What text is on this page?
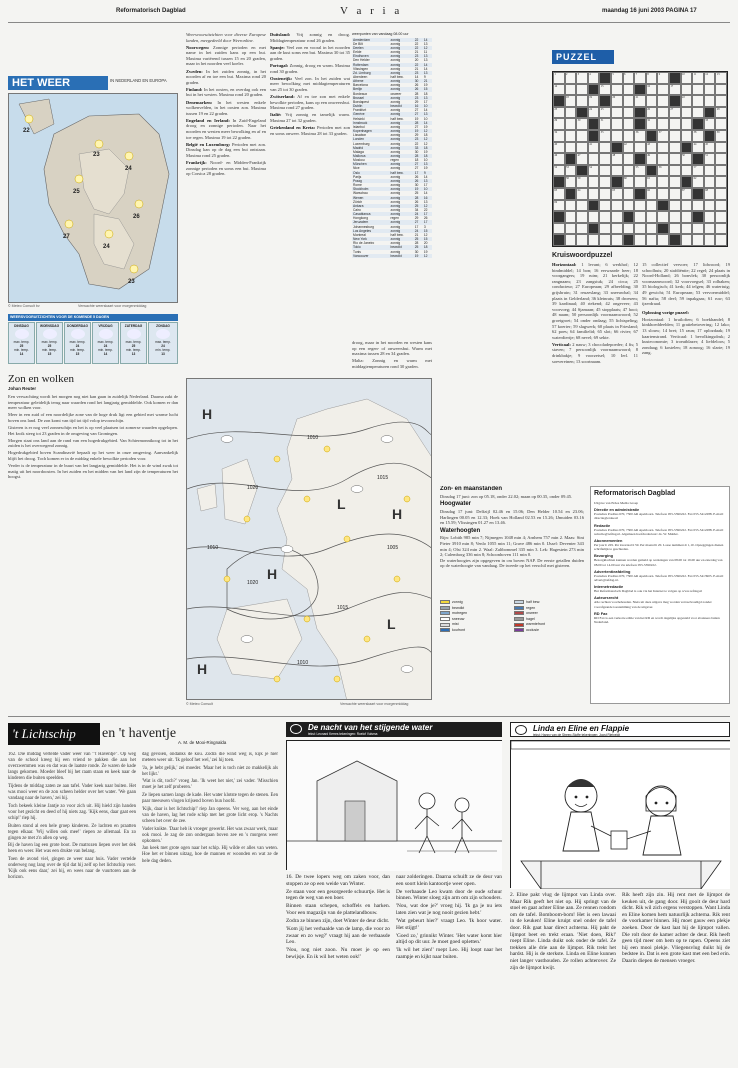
Reformatorisch Dagblad	V a r i a	maandag 16 juni 2003 PAGINA 17
HET WEER	IN NEDERLAND EN EUROPA
23
24
25
26
27
24
23
22
© Meteo Consult bv	Verwachte weerskaart voor morgenmiddag
WEERSVOORUITZICHTEN VOOR DE KOMENDE 5 DAGEN
DINSDAG
max. temp.
25
min. temp.
14
WOENSDAG
max. temp.
25
min. temp.
15
DONDERDAG
max. temp.
24
min. temp.
15
VRIJDAG
max. temp.
24
min. temp.
14
ZATERDAG
max. temp.
25
min. temp.
13
ZONDAG
max. temp.
24
min. temp.
13
Zon en wolken
Johan Reuter

Een verwachting wordt het morgen nog niet kan gaan in zuidelijk Nederland. Daarna zakt de temperatuur geleidelijk terug naar waarden rond het langjarig gemiddelde. Ook komen er dan meer wolken voor.

Meer in een zuid of een noordelijke zone van de hoge druk ligt een gebied met warme lucht boven ons land. De zon komt van tijd tot tijd volop tevoorschijn.

Gisteren is er nog veel zonneschijn en het is op veel plaatsen tot zomerse waarden opgelopen. Het kwik steeg tot 23 graden in de omgeving van Groningen.

Morgen staat ons land aan de rand van een hogedrukgebied. Van Schiermonnikoog tot in het zuiden is het overwegend zonnig.

Hogedrukgebied boven Scandinavië bepaalt op het weer in onze omgeving. Aanvankelijk blijft het droog. Toch komen er in de middag enkele bewolkte perioden voor.

Verder is de temperatuur in de buurt van het langjarig gemiddelde. Het is in de wind zwak tot matig uit het noordoosten. In het zuiden en het midden van het land zijn de temperaturen het hoogst.

Weersvooruitzichten voor diverse Europese landen, meegedeeld door Weeronline.

Noorwegen: Zonnige perioden en met name in het zuiden kans op een bui. Maxima variërend tussen 15 en 20 graden, maar in het noorden veel koeler.

Zweden: In het zuiden zonnig, in het noorden af en toe een bui. Maxima rond 20 graden.

Finland: In het oosten, en overdag ook een bui in het westen. Maxima rond 20 graden.

Denemarken: In het westen enkele wolkenvelden, in het oosten zon. Maxima tussen 19 en 22 graden.

Engeland en Ierland: In Zuid-Engeland droog en zonnige perioden. Naar het noorden en westen meer bewolking en af en toe regen. Maxima 19 tot 22 graden.

België en Luxemburg: Perioden met zon. Dinsdag kan op de dag een bui ontstaan. Maxima rond 25 graden.

Frankrijk: Noord- en Midden-Frankrijk zonnige perioden en soms een bui. Maxima op Corsica 28 graden.

Duitsland: Vrij zonnig en droog. Middagtemperatuur rond 26 graden.

Spanje: Veel zon en vooral in het noorden aan de kust soms een bui. Maxima 30 tot 35 graden.

Portugal: Zonnig, droog en warm. Maxima rond 30 graden.

Oostenrijk: Veel zon. In het zuiden wat meer bewolking met middagtemperaturen van 25 tot 30 graden.

Zwitserland: Af en toe zon met enkele bewolkte perioden, kans op een onweersbui. Maxima rond 27 graden.

Italië: Vrij zonnig en tamelijk warm. Maxima 27 tot 32 graden.

Griekenland en Kreta: Perioden met zon en soms onweer. Maxima 28 tot 33 graden.

weerpunten van vandaag 08.00 uur
Amsterdam	zonnig	22	14
De Bilt	zonnig	22	13
Deelen	zonnig	22	12
Eelde	zonnig	21	11
Eindhoven	zonnig	23	13
Den Helder	zonnig	20	13
Rotterdam	zonnig	22	14
Vlissingen	zonnig	21	14
Zd. Limburg	zonnig	23	13
Aberdeen	half bew.	14	9
Athene	zonnig	30	21
Barcelona	zonnig	26	19
Berlijn	zonnig	26	15
Bordeaux	onweer	28	18
Brussel	zonnig	23	13
Boedapest	zonnig	29	17
Dublin	bewolkt	16	10
Frankfurt	zonnig	27	14
Genève	zonnig	27	13
Helsinki	half bew.	19	10
Innsbruck	zonnig	28	14
Istanbul	zonnig	27	19
Kopenhagen	zonnig	19	12
Lissabon	zonnig	29	18
Londen	zonnig	23	12
Luxemburg	zonnig	22	12
Madrid	zonnig	33	18
Malaga	zonnig	30	19
Mallorca	zonnig	28	18
Moskou	regen	18	10
München	zonnig	27	13
Nice	zonnig	27	19
Oslo	half bew.	17	9
Parijs	zonnig	26	14
Praag	zonnig	26	13
Rome	zonnig	30	17
Stockholm	zonnig	19	10
Warschau	zonnig	25	14
Wenen	zonnig	28	16
Zürich	zonnig	26	13
Ankara	zonnig	25	12
Cairo	zonnig	34	22
Casablanca	zonnig	24	17
Hongkong	regen	29	26
Jeruzalem	zonnig	27	17
Johannesburg	zonnig	17	3
Los Angeles	zonnig	24	15
Montreal	half bew.	21	12
New York	zonnig	25	15
Rio de Janeiro	zonnig	28	20
Tokio	bewolkt	25	18
Tunis	zonnig	30	19
Vancouver	bewolkt	19	12

droog, maar in het noorden en westen kans op een regen- of onweersbui. Warm met maxima tussen 28 en 34 graden.

Malta: Zonnig en warm met middagtemperaturen rond 30 graden.

1010
1020
1015
1010	1005
1015
1020
1010
H
H
H
H
L
L
© Meteo Consult	Verwachte weerskaart voor morgenmiddag
PUZZEL
1	2	3	4	5	6	7	8	9	10	11	12	13
14	15	16	17
18	19	20	21	22
23	24	25	26	27	28
29	30	31	32	33
34	35	36	37	38	39
40	41	42	43	44	45
46	47	48	49	50	51
52	53	54	55	56	57
58	59	60	61	62
63	64	65	66	67	68
69
Kruiswoordpuzzel

Horizontaal: 1 levant; 6 werkhof; 12 bindmiddel; 14 bon; 16 eerwaarde heer; 18 voorgangers; 19 ruim; 21 kerkelijk; 22 rangnaam; 23 zangstuk; 24 circa; 25 conducteur; 27 Europeaan; 29 afbeelding; 30 grijsbruin; 31 reuzeslang; 33 sneeuwbal; 34 plaats in Gelderland; 36 kleinrats; 38 droesem; 39 kardinaal; 40 riekend; 42 ongeveer; 43 voorvoeg; 44 Sjamaan; 45 stopplaats; 47 hooi; 48 naam; 50 persoonlijk voornaamwoord; 52 groetgroet; 54 onder ondaag; 55 lichtspeling; 57 koerier; 59 slagwerk; 60 plaats in Friesland; 62 poes; 64 familielid; 65 slot; 66 rivier; 67 waterdiertje; 68 nevel; 69 sekte.

Verticaal: 2 nauw; 3 chocoladepoeder; 4 fis; 5 staven; 7 persoonlijk voornaamwoord; 8 drinkbakje; 9 voorzetsel; 10 Ierl. 11 soevereinen; 13 soortnaam.

15 collectief vervoer; 17 lidwoord; 19 schoolhuis; 20 stafdiëntie; 22 regel; 24 plaats in Noord-Holland; 26 bonvlek; 30 persoonlijk voornaamwoord; 32 voorvoegsel; 33 rolbaken; 35 biologisch; 41 kerk; 44 telgen; 46 watertuig; 49 gewicht; 51 Europeaan; 53 vervoermiddel; 56 nafta; 58 deel; 59 inpakgaas; 61 ruw; 63 ijzerdraad.

Oplossing vorige puzzel:

Horizontaal: 1 bruiloften; 6 boekhandel; 8 kinkhoeddeelden; 11 gratiebetovering; 12 lako; 13 slouw; 14 bret; 15 raun; 17 oplozdaak; 19 kaartenstrand. Verticaal: 1 bevolkingsdruk; 2 kusteconomie; 3 troeatblazer; 4 liefdeloos; 5 zondaag; 6 kostelen; 18 zonoog; 16 slarie; 19 zang.

Zon- en maanstanden
Dinsdag 17 juni: zon op 05.18, onder 22.02; maan op 00.35, onder 09.45.
Hoogwater
Dinsdag 17 juni: Delfzijl 02.46 en 15.06; Den Helder 10.54 en 23.06; Harlingen 00.05 en 12.33; Hoek van Holland 02.53 en 15.26; IJmuiden 03.16 en 15.59; Vlissingen 01.27 en 13.46.
Waterhoogten
Rijn: Lobith 985 min 7; Nijmegen 1048 min 4; Arnhem 757 min 2. Maas: Sint Pieter 3910 min 8; Venlo 1055 min 11; Grave 486 min 0. IJssel: Deventer 343 min 4; Olst 324 min 2. Waal: Zaltbommel 335 min 3. Lek: Hagestein 273 min 2; Culemborg 336 min 8; Schoonhoven 111 min 0.
De waterhoogtes zijn opgegeven in cm boven NAP. De eerste getallen duiden op de waterhoogte van vandaag. De tweede op het verschil met gisteren.
zonnig	half bew.
bewolkt	regen
motregen	onweer
sneeuw	hagel
mist	warmtefront
koufront	occlusie
Reformatorisch Dagblad
Uitgave van Erdee Media Groep
Directie en administratie
Postadres Postbus 670, 7300 AR Apeldoorn. Telefoon 055-5390222. Fax 055-5412288. E-mail: directie@erdee.nl
Redactie
Postadres Postbus 670, 7300 AR Apeldoorn. Telefoon 055-5390222. Fax 055-5412288. E-mail: redactie@refdag.nl. Algemeen hoofdredacteur: ds. W. Mulder.
Abonnementen
Per jaar € 229. Per kwartaal € 59. Per maand € 20. Losse nummers € 1,10. Opzeggingen dienen schriftelijk te geschieden.
Bezorging
Bezorgklachten kunnen worden gemeld op werkdagen van 08.00 tot 19.00 uur en zaterdag van 08.00 tot 14.00 uur via telefoon 055-5390222.
Advertentieafdeling
Postadres Postbus 670, 7300 AR Apeldoorn. Telefoon 055-5390222. Fax 055-5413905. E-mail: advert@refdag.nl.
Internetredactie
Het Reformatorisch Dagblad is ook via het Internet te volgen op www.refdag.nl
Auteursrecht
Alle rechten voorbehouden. Niets uit deze uitgave mag worden verveelvoudigd zonder voorafgaande toestemming van de uitgever.
RD Fax
RD Fax is een verkorte editie van het RD en wordt dagelijks opgesteld voor abonnees buiten Nederland.
't Lichtschip	en 't haventje
A. M. de Mooi-Ringnalda

162. Die middag vertelde vader weer van "'t Haventje". Op weg van de school kreeg hij een vriend te pakken die aan het overzwemmen was en dat was de laatste ronde. Ze waren de kade langs gekomen. Moeder bleef bij het raam staan en keek naar de kinderen die buiten speelden.

Tijdens de middag zaten ze aan tafel. Vader keek naar buiten. Het was mooi weer en de zon scheen helder over het water. 'We gaan vandaag naar de haven,' zei hij.

Toch bekeek kleine Jantje zo voor zich uit. Hij hield zijn handen voor het gezicht en deed of hij niets zag. 'Kijk eens, daar gaat een schip!' riep hij.

Buiten stond al een hele groep kinderen. Ze lachten en praatten tegen elkaar. 'Wij willen ook mee!' riepen ze allemaal. En zo gingen ze met z'n allen op weg.

Bij de haven lag een grote boot. De matrozen liepen over het dek heen en weer. Het was een drukte van belang.

Toen de avond viel, gingen ze weer naar huis. Vader vertelde onderweg nog lang over de tijd dat hij zelf op het lichtschip voer. 'Kijk ook eens daar,' zei hij, en wees naar de vuurtoren aan de horizon.

dag gevoien, ondanks de kou. Zodra die wind weg is, kijk je hier meteen weer uit. 'Ik geloof het wel,' zei hij toen.

'Ja, je hebt gelijk,' zei moeder. 'Maar het is toch niet zo makkelijk als het lijkt.'

'Wat is dit, toch?' vroeg Jan. 'Ik weet het niet,' zei vader. 'Misschien moet je het zelf proberen.'

Ze liepen samen langs de kade. Het water klotste tegen de stenen. Een paar meeuwen vlogen krijsend boven hun hoofd.

'Kijk, daar is het lichtschip!' riep Jan opeens. Ver weg, aan het einde van de haven, lag het rode schip met het grote licht erop. 's Nachts scheen het over de zee.

Vader knikte. 'Daar heb ik vroeger gewerkt. Het was zwaar werk, maar ook mooi. Je zag de zon ondergaan boven zee en 's morgens weer opkomen.'

Jan keek met grote ogen naar het schip. Hij wilde er alles van weten. Hoe het er binnen uitzag, hoe de mannen er woonden en wat ze de hele dag deden.

De nacht van het stijgende water
tekst: Leonard Kerres tekeningen: Roelof Vulsma

16. De twee lopers weg om zaken voor, dan stoppen ze op een weide van Winter.

Ze staan voor een gesorgeerde schuurtje. Het is tegen de weg van een boer.

Binnen staan schepen, schoffels en harken. Voor een magazijn van de plattelandbouw.

Zodra ze binnen zijn, doet Winter de deur dicht.

'Kom jij het verhaalde van de lamp, die voor zo zwaar en zo weg?' vraagt hij aan de verbaasde Leo.

'Nou, nog niet zoon. Nu moet je op een bewijsje. En ik wil het weten ook!'

naar zolderingen. Daarna schuift ze de deur van een soort klein kantoortje weer open.

De verbaasde Leo kwam door de oude schuur binnen. Winter sloeg zijn arm om zijn schouders.

'Nou, wat doe je?' vroeg hij. 'Ik ga je nu iets laten zien wat je nog nooit gezien hebt.'

'Wat gebeurt hier?' vraagt Leo. 'Ik hoor water. Het stijgt!'

'Goed zo,' grinnikt Winter. 'Het water komt hier altijd op dit uur. Je moet goed opletten.'

'Ik wil het zien!' roept Leo. Hij loopt naar het raampje en kijkt naar buiten.

Linda en Eline en Flappie
tekst: Hanny van de Streep-Stoffe tekeningen: Joost Rietveldt

2. Eline pakt vlug de lijmpot van Linda over. Maar Rik geeft het niet op. Hij springt van de stoel en gaat achter Eline aan. Ze rennen rondom om de tafel. Bomboom-bom! Het is een lawaai in de keuken! Eline kruipt snel onder de tafel door. Rik gaat haar direct achterna. Hij pakt de lijmpot beet en trekt eraan. 'Niet doen, Rik!' roept Eline. Linda duikt ook onder de tafel. Ze trekken alle drie aan de lijmpot. Rik trekt het hardst. Hij is de sterkste. Linda en Eline kunnen niet langer vasthouden. Ze rollen achterover. Ze zijn de lijmpot kwijt.

Rik heeft zijn zin. Hij rent met de lijmpot de keuken uit, de gang door. Hij gooit de deur hard dicht. Rik wil zich ergens verstoppen. Want Linda en Eline komen hem natuurlijk achterna. Rik rent de voorkamer binnen. Hij moet gauw een plekje zoeken. Door de kast laat hij de lijmpot vallen. Die rolt door de kamer achter de deur. Rik heeft geen tijd meer om hem op te rapen. Opeens ziet hij een mooi plekje. Vliegensvlug duikt hij de bedstee in. Dat is een grote kast met een bed erin. Daarin diepen de mensen vroeger.
